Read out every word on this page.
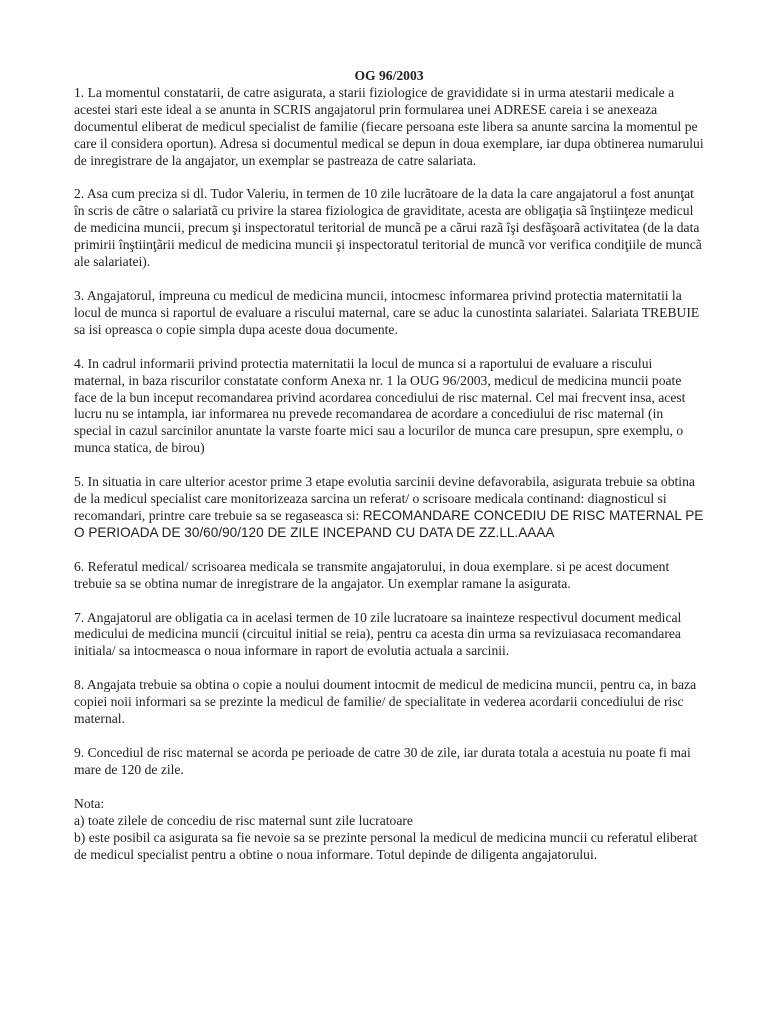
OG 96/2003

1. La momentul constatarii, de catre asigurata, a starii fiziologice de gravididate si in urma atestarii medicale a acestei stari este ideal a se anunta in SCRIS angajatorul prin formularea unei ADRESE careia i se anexeaza documentul eliberat de medicul specialist de familie (fiecare persoana este libera sa anunte sarcina la momentul pe care il considera oportun). Adresa si documentul medical se depun in doua exemplare, iar dupa obtinerea numarului de inregistrare de la angajator, un exemplar se pastreaza de catre salariata.

2. Asa cum preciza si dl. Tudor Valeriu, in termen de 10 zile lucrãtoare de la data la care angajatorul a fost anunţat în scris de cãtre o salariatã cu privire la starea fiziologica de graviditate, acesta are obligaţia sã înştiinţeze medicul de medicina muncii, precum şi inspectoratul teritorial de muncã pe a cãrui razã îşi desfãşoarã activitatea (de la data primirii înştiinţãrii medicul de medicina muncii şi inspectoratul teritorial de muncã vor verifica condiţiile de muncã ale salariatei).

3. Angajatorul, impreuna cu medicul de medicina muncii, intocmesc informarea privind protectia maternitatii la locul de munca si raportul de evaluare a riscului maternal, care se aduc la cunostinta salariatei. Salariata TREBUIE sa isi opreasca o copie simpla dupa aceste doua documente.

4. In cadrul informarii privind protectia maternitatii la locul de munca si a raportului de evaluare a riscului maternal, in baza riscurilor constatate conform Anexa nr. 1 la OUG 96/2003, medicul de medicina muncii poate face de la bun inceput recomandarea privind acordarea concediului de risc maternal. Cel mai frecvent insa, acest lucru nu se intampla, iar informarea nu prevede recomandarea de acordare a concediului de risc maternal (in special in cazul sarcinilor anuntate la varste foarte mici sau a locurilor de munca care presupun, spre exemplu, o munca statica, de birou)

5. In situatia in care ulterior acestor prime 3 etape evolutia sarcinii devine defavorabila, asigurata trebuie sa obtina de la medicul specialist care monitorizeaza sarcina un referat/ o scrisoare medicala continand: diagnosticul si recomandari, printre care trebuie sa se regaseasca si: RECOMANDARE CONCEDIU DE RISC MATERNAL PE O PERIOADA DE 30/60/90/120 DE ZILE INCEPAND CU DATA DE ZZ.LL.AAAA

6. Referatul medical/ scrisoarea medicala se transmite angajatorului, in doua exemplare. si pe acest document trebuie sa se obtina numar de inregistrare de la angajator. Un exemplar ramane la asigurata.

7. Angajatorul are obligatia ca in acelasi termen de 10 zile lucratoare sa inainteze respectivul document medical medicului de medicina muncii (circuitul initial se reia), pentru ca acesta din urma sa revizuiasaca recomandarea initiala/ sa intocmeasca o noua informare in raport de evolutia actuala a sarcinii.

8. Angajata trebuie sa obtina o copie a noului doument intocmit de medicul de medicina muncii, pentru ca, in baza copiei noii informari sa se prezinte la medicul de familie/ de specialitate in vederea acordarii concediului de risc maternal.

9. Concediul de risc maternal se acorda pe perioade de catre 30 de zile, iar durata totala a acestuia nu poate fi mai mare de 120 de zile.

Nota:

a) toate zilele de concediu de risc maternal sunt zile lucratoare

b) este posibil ca asigurata sa fie nevoie sa se prezinte personal la medicul de medicina muncii cu referatul eliberat de medicul specialist pentru a obtine o noua informare. Totul depinde de diligenta angajatorului.
